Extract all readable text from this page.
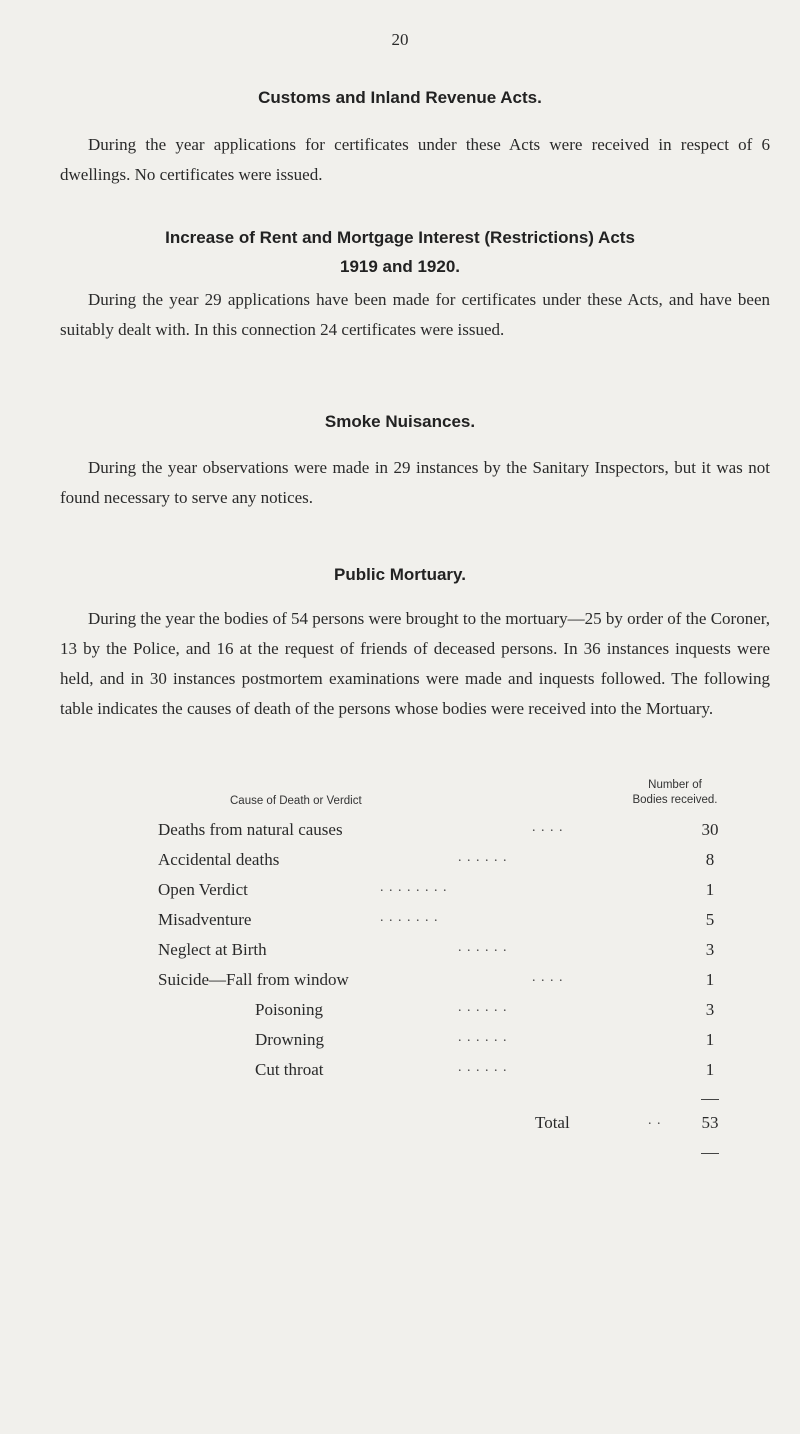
20
Customs and Inland Revenue Acts.

During the year applications for certificates under these Acts were received in respect of 6 dwellings. No certificates were issued.

Increase of Rent and Mortgage Interest (Restrictions) Acts
1919 and 1920.

During the year 29 applications have been made for certificates under these Acts, and have been suitably dealt with. In this connection 24 certificates were issued.

Smoke Nuisances.

During the year observations were made in 29 instances by the Sanitary Inspectors, but it was not found necessary to serve any notices.

Public Mortuary.

During the year the bodies of 54 persons were brought to the mortuary—25 by order of the Coroner, 13 by the Police, and 16 at the request of friends of deceased persons. In 36 instances inquests were held, and in 30 instances postmortem examinations were made and inquests followed. The following table indicates the causes of death of the persons whose bodies were received into the Mortuary.

Cause of Death or Verdict
Number of
Bodies received.
Deaths from natural causes	. . . .	30
Accidental deaths	. . . . . .	8
Open Verdict	. . . . . . . .	1
Misadventure	. . . . . . .	5
Neglect at Birth	. . . . . .	3
Suicide—Fall from window	. . . .	1
Poisoning	. . . . . .	3
Drowning	. . . . . .	1
Cut throat	. . . . . .	1
Total	. .	53
